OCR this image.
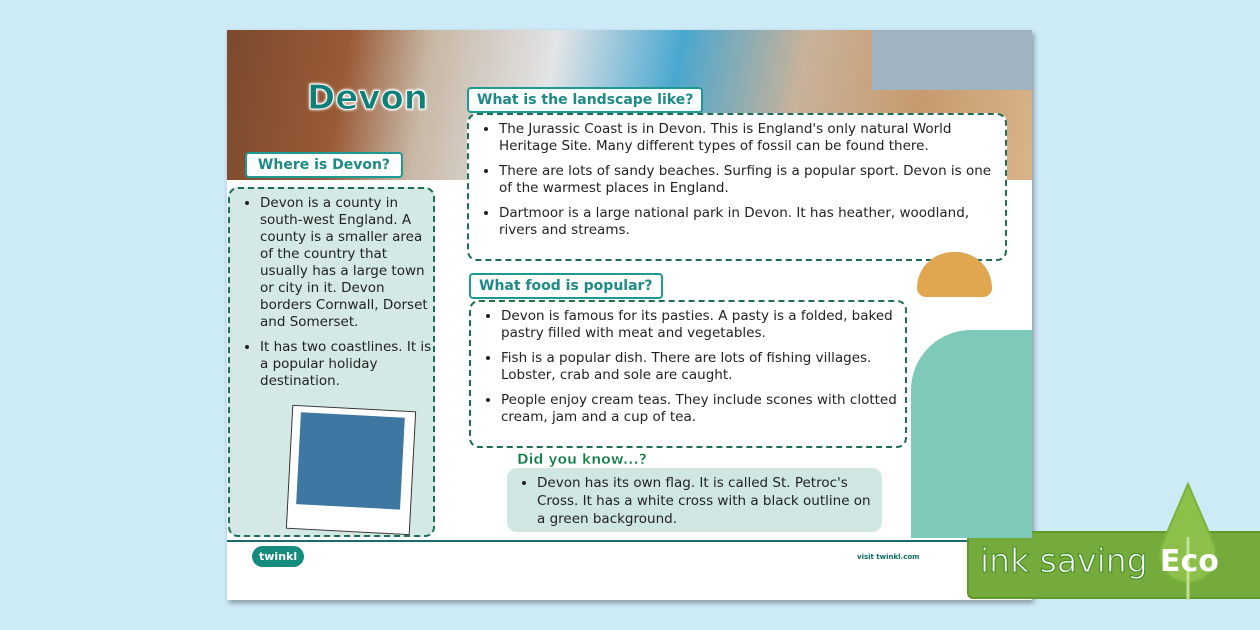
Devon
Where is Devon?
• Devon is a county in south-west England. A county is a smaller area of the country that usually has a large town or city in it. Devon borders Cornwall, Dorset and Somerset.
• It has two coastlines. It is a popular holiday destination.
What is the landscape like?
• The Jurassic Coast is in Devon. This is England's only natural World Heritage Site. Many different types of fossil can be found there.
• There are lots of sandy beaches. Surfing is a popular sport. Devon is one of the warmest places in England.
• Dartmoor is a large national park in Devon. It has heather, woodland, rivers and streams.
What food is popular?
• Devon is famous for its pasties. A pasty is a folded, baked pastry filled with meat and vegetables.
• Fish is a popular dish. There are lots of fishing villages. Lobster, crab and sole are caught.
• People enjoy cream teas. They include scones with clotted cream, jam and a cup of tea.
Did you know...?
• Devon has its own flag. It is called St. Petroc's Cross. It has a white cross with a black outline on a green background.
twinkl	visit twinkl.com ink saving Eco
